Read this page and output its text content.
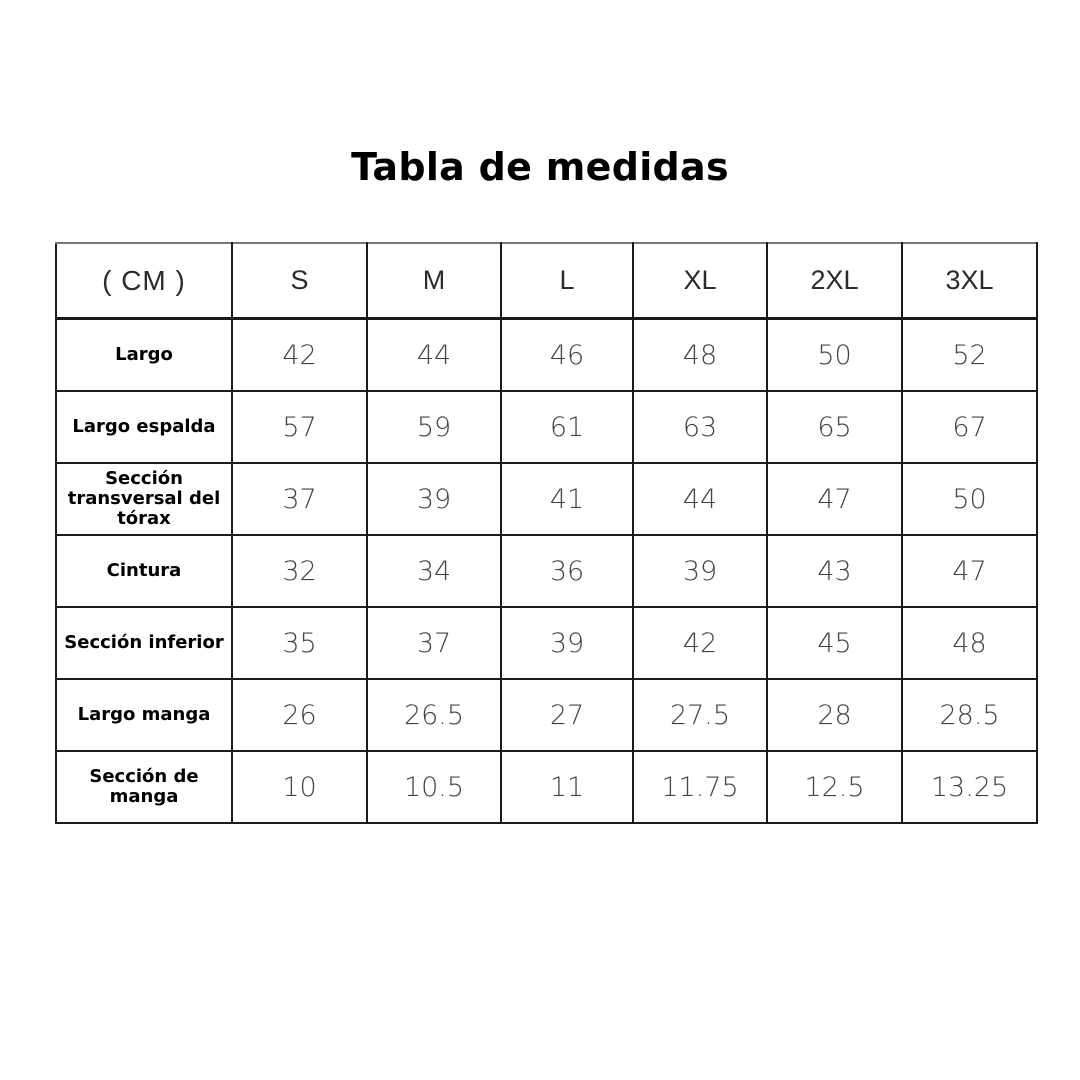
Tabla de medidas
( CM )	S	M	L	XL	2XL	3XL
Largo	42	44	46	48	50	52
Largo espalda	57	59	61	63	65	67
Sección transversal del tórax	37	39	41	44	47	50
Cintura	32	34	36	39	43	47
Sección inferior	35	37	39	42	45	48
Largo manga	26	26.5	27	27.5	28	28.5
Sección de manga	10	10.5	11	11.75	12.5	13.25
